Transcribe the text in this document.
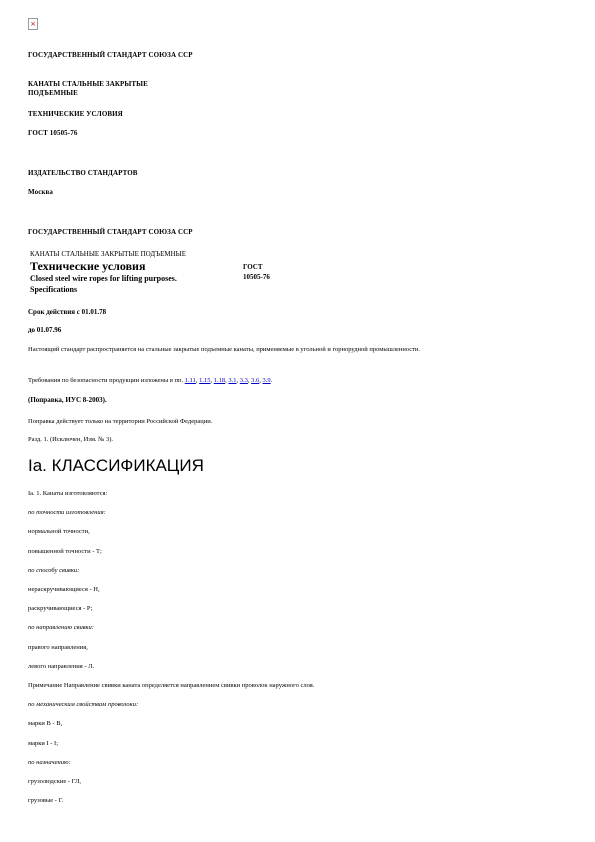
×
ГОСУДАРСТВЕННЫЙ СТАНДАРТ СОЮЗА ССР
КАНАТЫ СТАЛЬНЫЕ ЗАКРЫТЫЕ
ПОДЪЕМНЫЕ
ТЕХНИЧЕСКИЕ УСЛОВИЯ
ГОСТ 10505-76
ИЗДАТЕЛЬСТВО СТАНДАРТОВ
Москва
ГОСУДАРСТВЕННЫЙ СТАНДАРТ СОЮЗА ССР
КАНАТЫ СТАЛЬНЫЕ ЗАКРЫТЫЕ ПОДЪЕМНЫЕ
Технические условия
Closed steel wire ropes for lifting purposes.
Specifications
ГОСТ
10505-76
Срок действия с 01.01.78
до 01.07.96
Настоящий стандарт распространяется на стальные закрытые подъемные канаты, применяемые в угольной и горнорудной промышленности.
Требования по безопасности продукции изложены в пп. 1.11, 1.15, 1.18, 3.1, 3.3, 3.6, 3.9.
(Поправка, ИУС 8-2003).
Поправка действует только на территории Российской Федерации.
Разд. 1. (Исключен, Изм. № 3).
Iа. КЛАССИФИКАЦИЯ
Iа. 1. Канаты изготовляются:
по точности изготовления:
нормальной точности,
повышенной точности - Т;
по способу свивки:
нераскручивающиеся - Н,
раскручивающиеся - Р;
по направлению свивки:
правого направления,
левого направления - Л.
Примечание Направление свивки каната определяется направлением свивки проволок наружного слоя.
по механическим свойствам проволоки:
марки В - В,
марки I - I;
по назначению:
грузолюдские - ГЛ,
грузовые - Г.
